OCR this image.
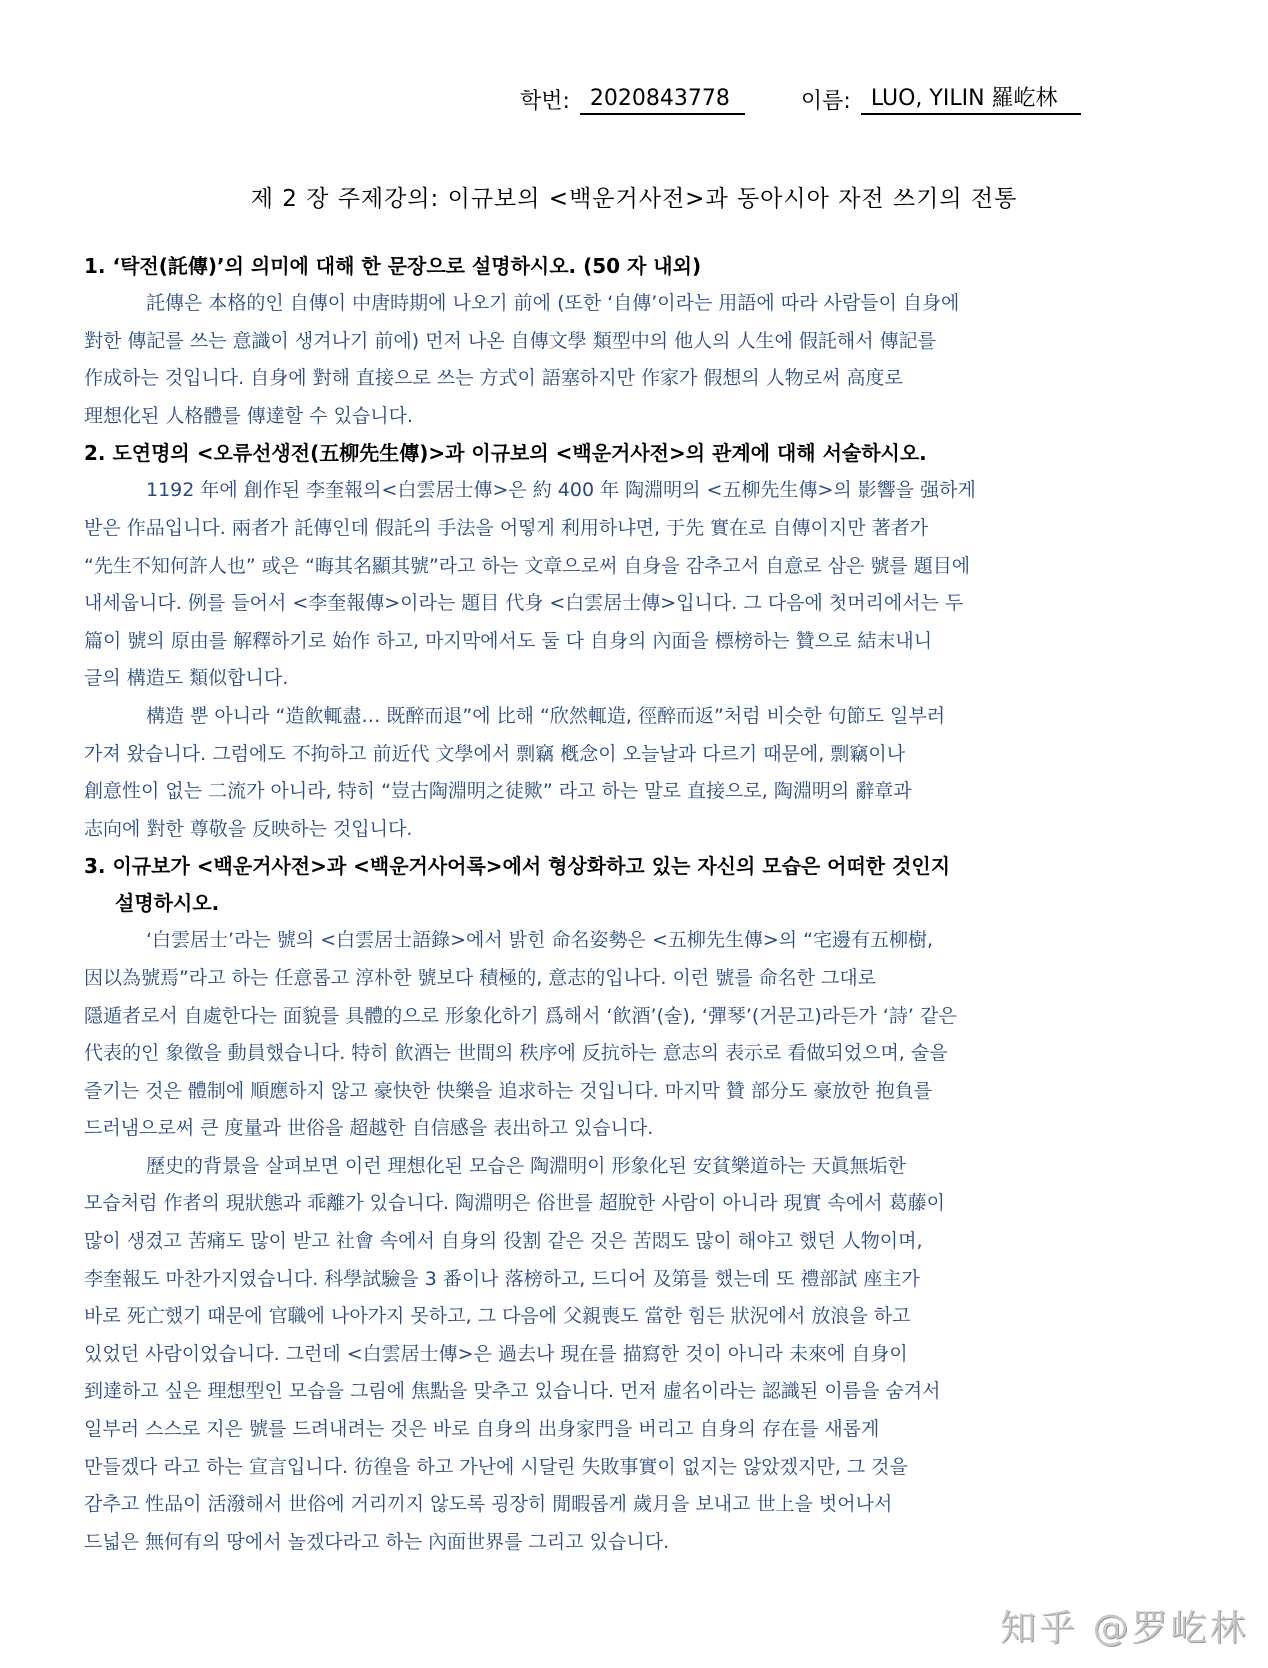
학번: 2020843778	이름: LUO, YILIN 羅屹林
제 2 장 주제강의: 이규보의 <백운거사전>과 동아시아 자전 쓰기의 전통

1. ‘탁전(託傳)’의 의미에 대해 한 문장으로 설명하시오. (50 자 내외)

託傳은 本格的인 自傳이 中唐時期에 나오기 前에 (또한 ‘自傳’이라는 用語에 따라 사람들이 自身에
對한 傳記를 쓰는 意識이 생겨나기 前에) 먼저 나온 自傳文學 類型中의 他人의 人生에 假託해서 傳記를
作成하는 것입니다. 自身에 對해 直接으로 쓰는 方式이 語塞하지만 作家가 假想의 人物로써 高度로
理想化된 人格體를 傳達할 수 있습니다.

2. 도연명의 <오류선생전(五柳先生傳)>과 이규보의 <백운거사전>의 관계에 대해 서술하시오.

1192 年에 創作된 李奎報의<白雲居士傳>은 約 400 年 陶淵明의 <五柳先生傳>의 影響을 强하게
받은 作品입니다. 兩者가 託傳인데 假託의 手法을 어떻게 利用하냐면, 于先 實在로 自傳이지만 著者가
“先生不知何許人也” 或은 “晦其名顯其號”라고 하는 文章으로써 自身을 감추고서 自意로 삼은 號를 題目에
내세웁니다. 例를 들어서 <李奎報傳>이라는 題目 代身 <白雲居士傳>입니다. 그 다음에 첫머리에서는 두
篇이 號의 原由를 解釋하기로 始作 하고, 마지막에서도 둘 다 自身의 內面을 標榜하는 贊으로 結末내니
글의 構造도 類似합니다.
構造 뿐 아니라 “造飮輒盡… 既醉而退”에 比해 “欣然輒造, 徑醉而返”처럼 비슷한 句節도 일부러
가져 왔습니다. 그럼에도 不拘하고 前近代 文學에서 剽竊 槪念이 오늘날과 다르기 때문에, 剽竊이나
創意性이 없는 二流가 아니라, 特히 “豈古陶淵明之徒歟” 라고 하는 말로 直接으로, 陶淵明의 辭章과
志向에 對한 尊敬을 反映하는 것입니다.

3. 이규보가 <백운거사전>과 <백운거사어록>에서 형상화하고 있는 자신의 모습은 어떠한 것인지

설명하시오.

‘白雲居士’라는 號의 <白雲居士語錄>에서 밝힌 命名姿勢은 <五柳先生傳>의 “宅邊有五柳樹,
因以為號焉”라고 하는 任意롭고 淳朴한 號보다 積極的, 意志的입나다. 이런 號를 命名한 그대로
隱遁者로서 自處한다는 面貌를 具體的으로 形象化하기 爲해서 ‘飮酒’(술), ‘彈琴’(거문고)라든가 ‘詩’ 같은
代表的인 象徵을 動員했습니다. 特히 飮酒는 世間의 秩序에 反抗하는 意志의 表示로 看做되었으며, 술을
즐기는 것은 體制에 順應하지 않고 豪快한 快樂을 追求하는 것입니다. 마지막 贊 部分도 豪放한 抱負를
드러냄으로써 큰 度量과 世俗을 超越한 自信感을 表出하고 있습니다.
歷史的背景을 살펴보면 이런 理想化된 모습은 陶淵明이 形象化된 安貧樂道하는 天眞無垢한
모습처럼 作者의 現狀態과 乖離가 있습니다. 陶淵明은 俗世를 超脫한 사람이 아니라 現實 속에서 葛藤이
많이 생겼고 苦痛도 많이 받고 社會 속에서 自身의 役割 같은 것은 苦悶도 많이 해야고 했던 人物이며,
李奎報도 마찬가지였습니다. 科學試驗을 3 番이나 落榜하고, 드디어 及第를 했는데 또 禮部試 座主가
바로 死亡했기 때문에 官職에 나아가지 못하고, 그 다음에 父親喪도 當한 힘든 狀況에서 放浪을 하고
있었던 사람이었습니다. 그런데 <白雲居士傳>은 過去나 現在를 描寫한 것이 아니라 未來에 自身이
到達하고 싶은 理想型인 모습을 그림에 焦點을 맞추고 있습니다. 먼저 虛名이라는 認識된 이름을 숨겨서
일부러 스스로 지은 號를 드려내려는 것은 바로 自身의 出身家門을 버리고 自身의 存在를 새롭게
만들겠다 라고 하는 宣言입니다. 彷徨을 하고 가난에 시달린 失敗事實이 없지는 않았겠지만, 그 것을
감추고 性品이 活潑해서 世俗에 거리끼지 않도록 굉장히 閒暇롭게 歲月을 보내고 世上을 벗어나서
드넓은 無何有의 땅에서 놀겠다라고 하는 內面世界를 그리고 있습니다.
知乎 @罗屹林
